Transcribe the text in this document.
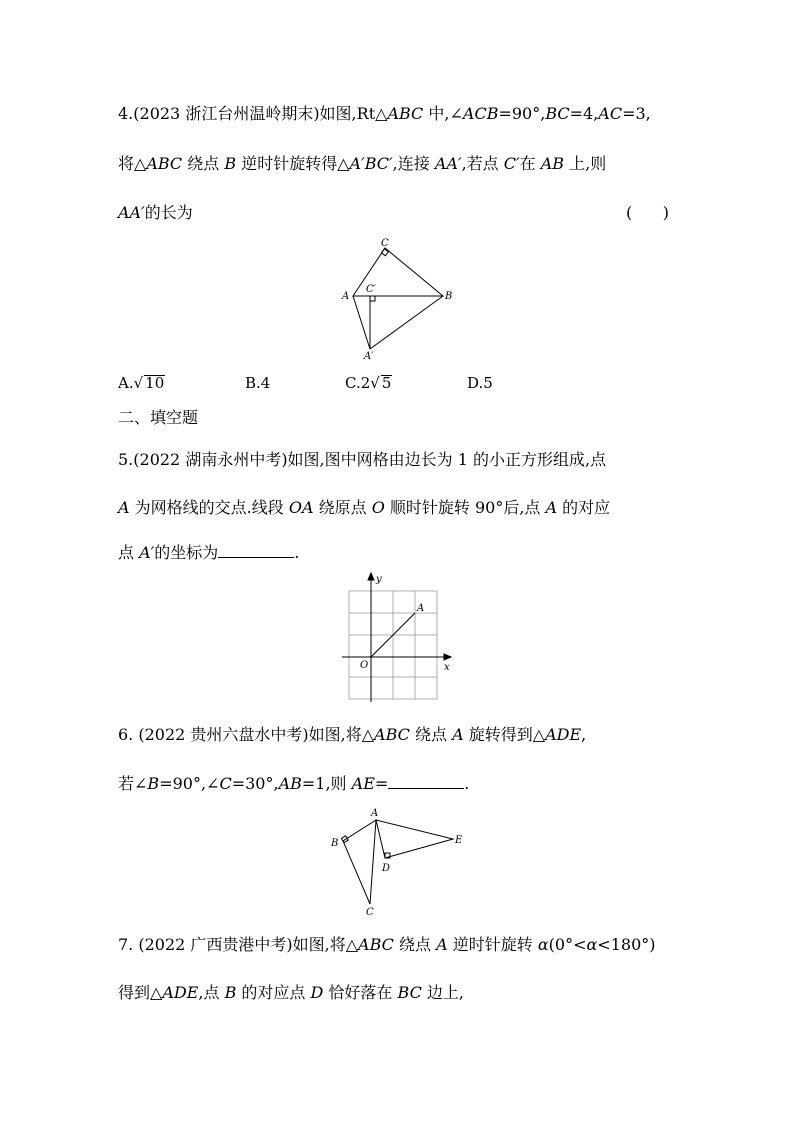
4.(2023 浙江台州温岭期末)如图,Rt△ABC 中,∠ACB=90°,BC=4,AC=3,
将△ABC 绕点 B 逆时针旋转得△A′BC′,连接 AA′,若点 C′在 AB 上,则
AA′的长为	(      )
C
A
C′
B
A′
A.√ 10	B.4	C.2√ 5	D.5
二、填空题
5.(2022 湖南永州中考)如图,图中网格由边长为 1 的小正方形组成,点
A 为网格线的交点.线段 OA 绕原点 O 顺时针旋转 90°后,点 A 的对应
点 A′的坐标为	.
y
x
O
A
6. (2022 贵州六盘水中考)如图,将△ABC 绕点 A 旋转得到△ADE,
若∠B=90°,∠C=30°,AB=1,则 AE=	.
A
B
D
E
C
7. (2022 广西贵港中考)如图,将△ABC 绕点 A 逆时针旋转 α(0°<α<180°)
得到△ADE,点 B 的对应点 D 恰好落在 BC 边上,
